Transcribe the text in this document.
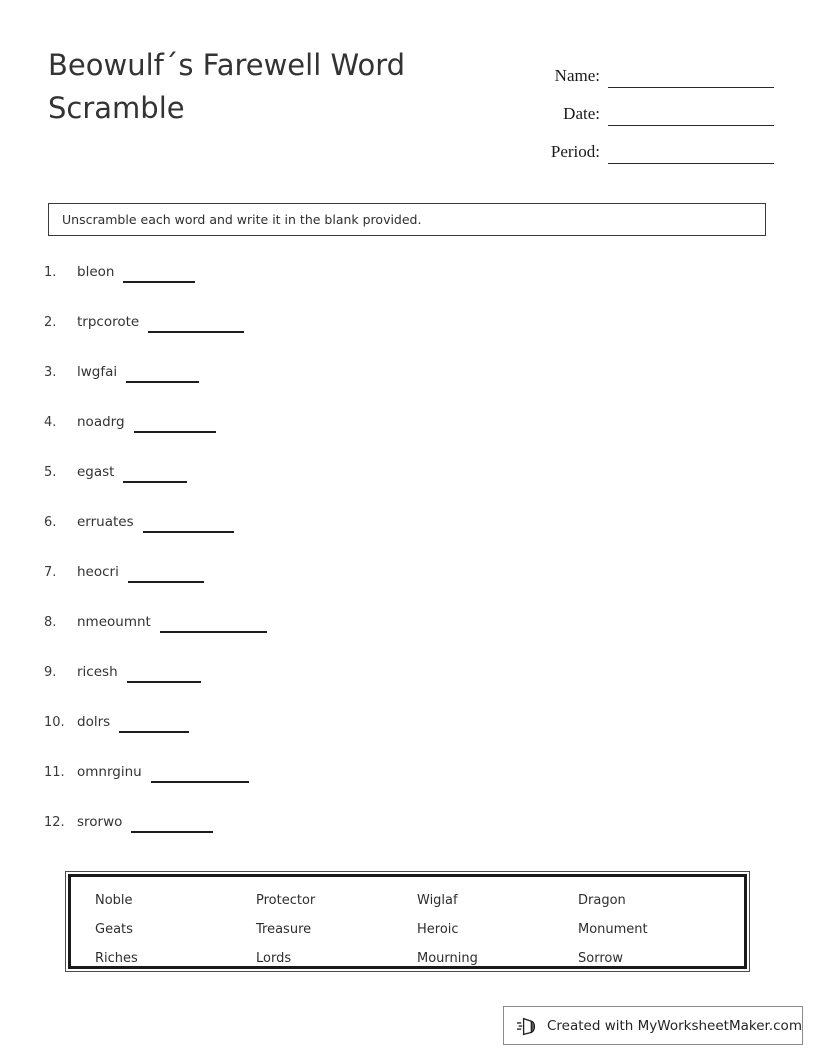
Beowulf´s Farewell Word Scramble
Name:
Date:
Period:
Unscramble each word and write it in the blank provided.
1.	bleon
2.	trpcorote
3.	lwgfai
4.	noadrg
5.	egast
6.	erruates
7.	heocri
8.	nmeoumnt
9.	ricesh
10. dolrs
11. omnrginu
12. srorwo
Noble	Protector	Wiglaf	Dragon
Geats	Treasure	Heroic	Monument
Riches	Lords	Mourning	Sorrow
Created with MyWorksheetMaker.com
